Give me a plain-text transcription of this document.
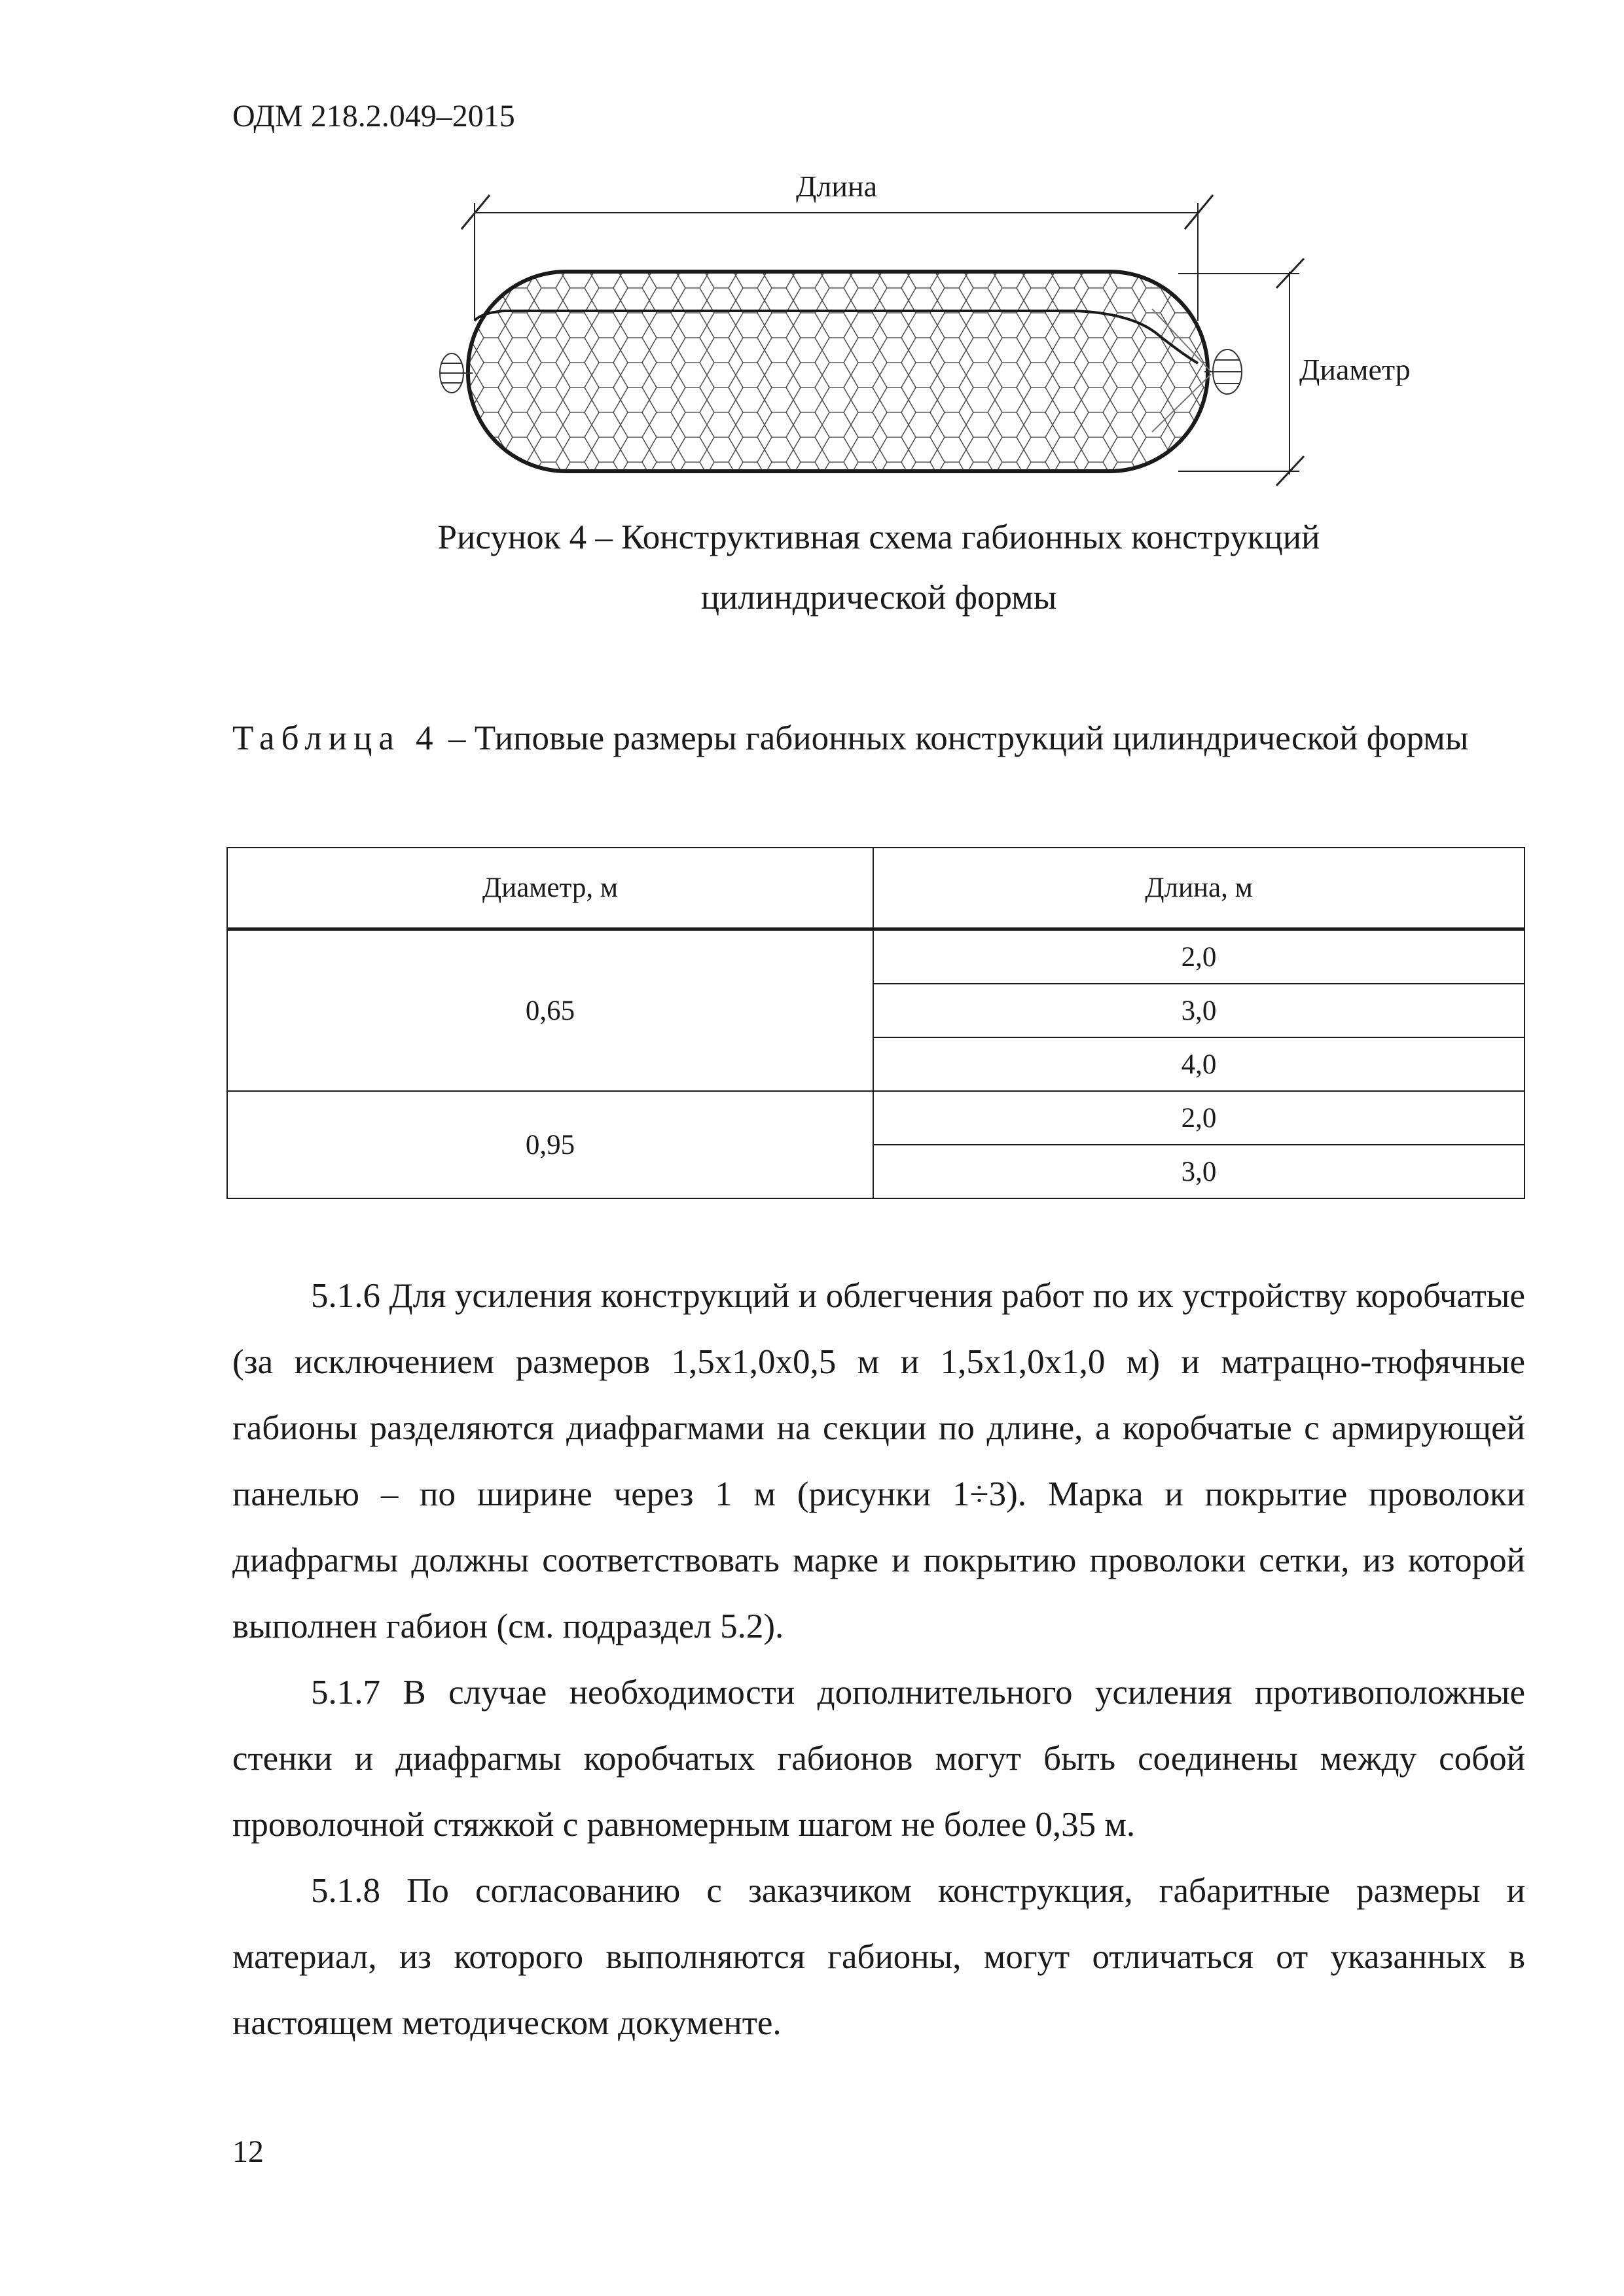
ОДМ 218.2.049–2015
Длина
Диаметр
Рисунок 4 – Конструктивная схема габионных конструкций
цилиндрической формы
Таблица 4 – Типовые размеры габионных конструкций цилиндрической формы
Диаметр, м	Длина, м
0,65	2,0
	3,0
	4,0
0,95	2,0
	3,0

5.1.6 Для усиления конструкций и облегчения работ по их устройству коробчатые (за исключением размеров 1,5х1,0х0,5 м и 1,5х1,0х1,0 м) и матрацно-тюфячные габионы разделяются диафрагмами на секции по длине, а коробчатые с армирующей панелью – по ширине через 1 м (рисунки 1÷3). Марка и покрытие проволоки диафрагмы должны соответствовать марке и покрытию проволоки сетки, из которой выполнен габион (см. подраздел 5.2).

5.1.7 В случае необходимости дополнительного усиления противоположные стенки и диафрагмы коробчатых габионов могут быть соединены между собой проволочной стяжкой с равномерным шагом не более 0,35 м.

5.1.8 По согласованию с заказчиком конструкция, габаритные размеры и материал, из которого выполняются габионы, могут отличаться от указанных в настоящем методическом документе.

12
